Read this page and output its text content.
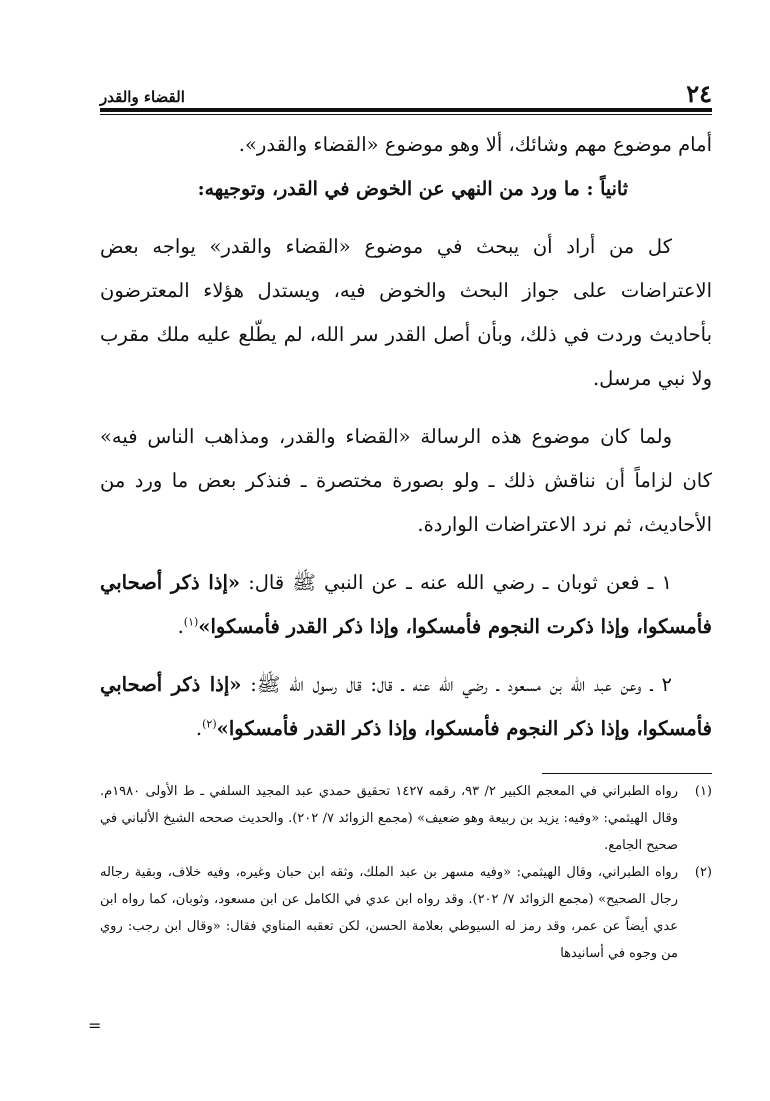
٢٤
القضاء والقدر

أمام موضوع مهم وشائك، ألا وهو موضوع «القضاء والقدر».

ثانياً : ما ورد من النهي عن الخوض في القدر، وتوجيهه:

كل من أراد أن يبحث في موضوع «القضاء والقدر» يواجه بعض الاعتراضات على جواز البحث والخوض فيه، ويستدل هؤلاء المعترضون بأحاديث وردت في ذلك، وبأن أصل القدر سر الله، لم يطّلع عليه ملك مقرب ولا نبي مرسل.

ولما كان موضوع هذه الرسالة «القضاء والقدر، ومذاهب الناس فيه» كان لزاماً أن نناقش ذلك ـ ولو بصورة مختصرة ـ فنذكر بعض ما ورد من الأحاديث، ثم نرد الاعتراضات الواردة.

١ ـ فعن ثوبان ـ رضي الله عنه ـ عن النبي ﷺ قال: «إذا ذكر أصحابي فأمسكوا، وإذا ذكرت النجوم فأمسكوا، وإذا ذكر القدر فأمسكوا»$^{(١)}$.

٢ ـ وعن عبد الله بن مسعود ـ رضي الله عنه ـ قال: قال رسول الله ﷺ: «إذا ذكر أصحابي فأمسكوا، وإذا ذكر النجوم فأمسكوا، وإذا ذكر القدر فأمسكوا»$^{(٢)}$.

(١)
رواه الطبراني في المعجم الكبير ٢/ ٩٣، رقمه ١٤٢٧ تحقيق حمدي عبد المجيد السلفي ـ ط الأولى ١٩٨٠م. وقال الهيثمي: «وفيه: يزيد بن ربيعة وهو ضعيف» (مجمع الزوائد ٧/ ٢٠٢). والحديث صححه الشيخ الألباني في صحيح الجامع.
(٢)
رواه الطبراني، وقال الهيثمي: «وفيه مسهر بن عبد الملك، وثقه ابن حبان وغيره، وفيه خلاف، وبقية رجاله رجال الصحيح» (مجمع الزوائد ٧/ ٢٠٢). وقد رواه ابن عدي في الكامل عن ابن مسعود، وثوبان، كما رواه ابن عدي أيضاً عن عمر، وقد رمز له السيوطي بعلامة الحسن، لكن تعقبه المناوي فقال: «وقال ابن رجب: روي من وجوه في أسانيدها
=
